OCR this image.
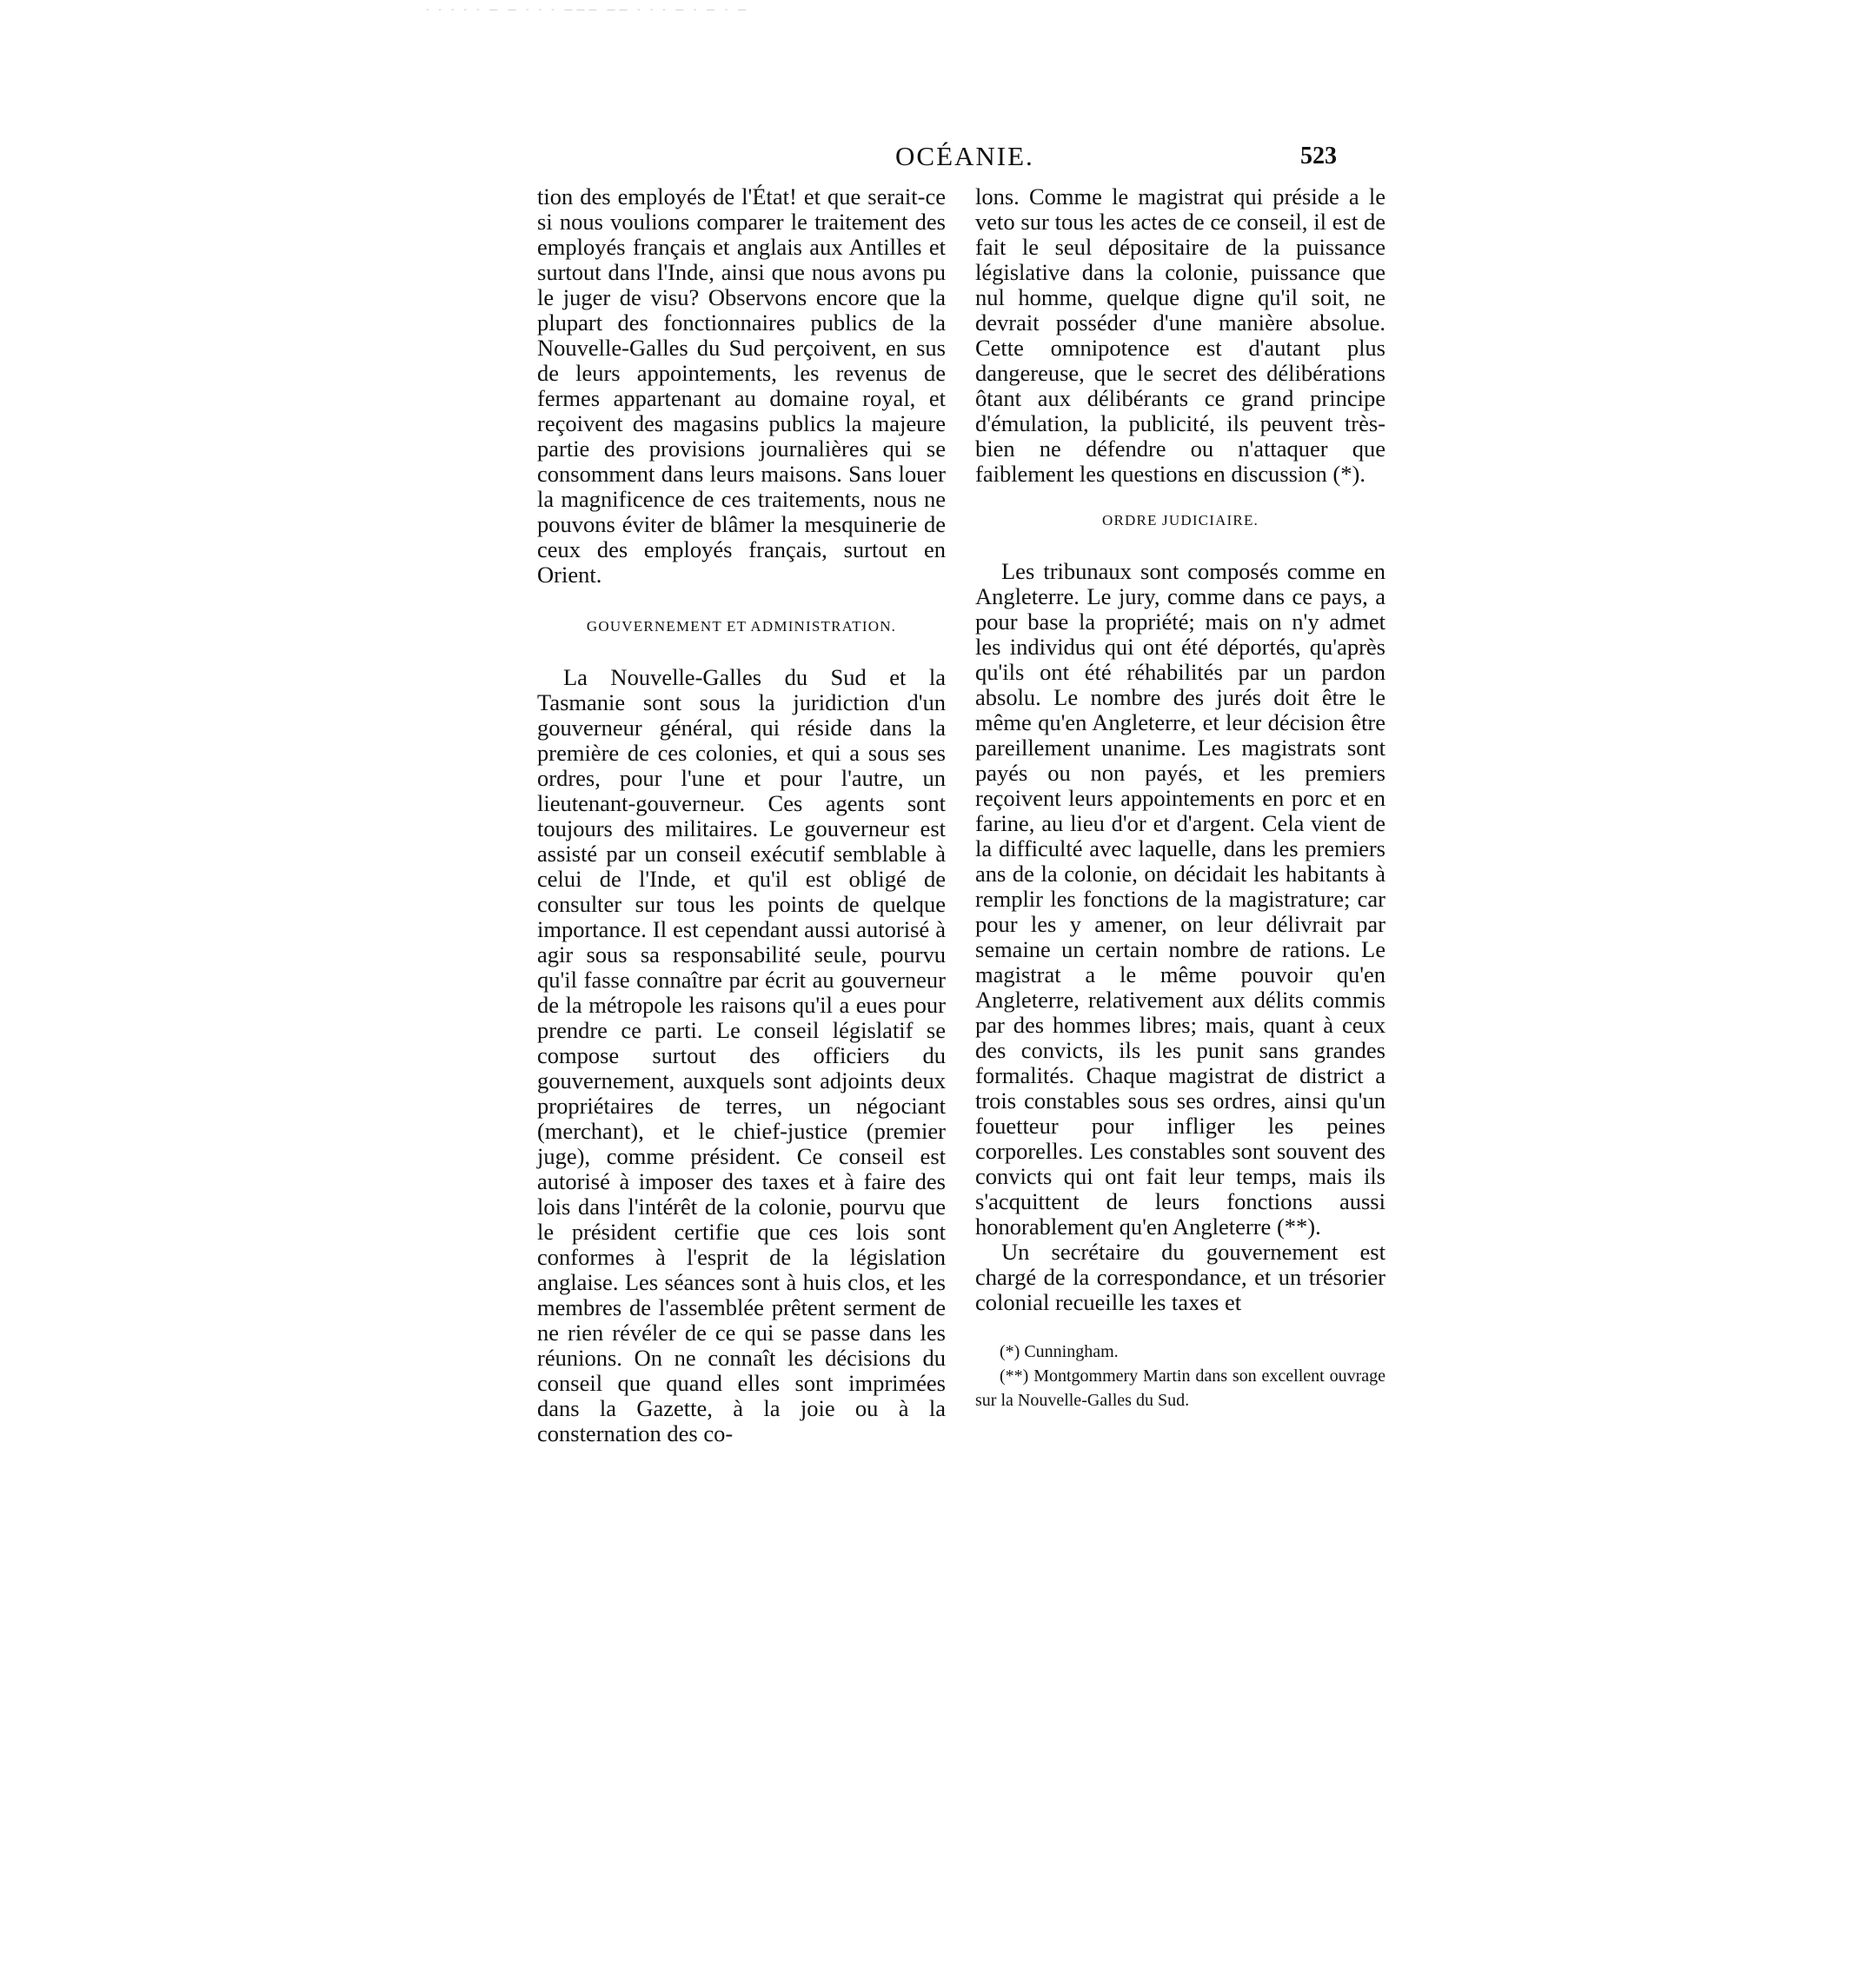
- - - - - — — - - - ——— —— - - - — - — - —
OCÉANIE.	523

tion des employés de l'État! et que serait-ce si nous voulions comparer le traitement des employés français et anglais aux Antilles et surtout dans l'Inde, ainsi que nous avons pu le juger de visu? Observons encore que la plupart des fonctionnaires publics de la Nouvelle-Galles du Sud perçoivent, en sus de leurs appointements, les revenus de fermes appartenant au domaine royal, et reçoivent des magasins publics la majeure partie des provisions journalières qui se consomment dans leurs maisons. Sans louer la magnificence de ces traitements, nous ne pouvons éviter de blâmer la mesquinerie de ceux des employés français, surtout en Orient.

GOUVERNEMENT ET ADMINISTRATION.

La Nouvelle-Galles du Sud et la Tasmanie sont sous la juridiction d'un gouverneur général, qui réside dans la première de ces colonies, et qui a sous ses ordres, pour l'une et pour l'autre, un lieutenant-gouverneur. Ces agents sont toujours des militaires. Le gouverneur est assisté par un conseil exécutif semblable à celui de l'Inde, et qu'il est obligé de consulter sur tous les points de quelque importance. Il est cependant aussi autorisé à agir sous sa responsabilité seule, pourvu qu'il fasse connaître par écrit au gouverneur de la métropole les raisons qu'il a eues pour prendre ce parti. Le conseil législatif se compose surtout des officiers du gouvernement, auxquels sont adjoints deux propriétaires de terres, un négociant (merchant), et le chief-justice (premier juge), comme président. Ce conseil est autorisé à imposer des taxes et à faire des lois dans l'intérêt de la colonie, pourvu que le président certifie que ces lois sont conformes à l'esprit de la législation anglaise. Les séances sont à huis clos, et les membres de l'assemblée prêtent serment de ne rien révéler de ce qui se passe dans les réunions. On ne connaît les décisions du conseil que quand elles sont imprimées dans la Gazette, à la joie ou à la consternation des co-

lons. Comme le magistrat qui préside a le veto sur tous les actes de ce conseil, il est de fait le seul dépositaire de la puissance législative dans la colonie, puissance que nul homme, quelque digne qu'il soit, ne devrait posséder d'une manière absolue. Cette omnipotence est d'autant plus dangereuse, que le secret des délibérations ôtant aux délibérants ce grand principe d'émulation, la publicité, ils peuvent très-bien ne défendre ou n'attaquer que faiblement les questions en discussion (*).

ORDRE JUDICIAIRE.

Les tribunaux sont composés comme en Angleterre. Le jury, comme dans ce pays, a pour base la propriété; mais on n'y admet les individus qui ont été déportés, qu'après qu'ils ont été réhabilités par un pardon absolu. Le nombre des jurés doit être le même qu'en Angleterre, et leur décision être pareillement unanime. Les magistrats sont payés ou non payés, et les premiers reçoivent leurs appointements en porc et en farine, au lieu d'or et d'argent. Cela vient de la difficulté avec laquelle, dans les premiers ans de la colonie, on décidait les habitants à remplir les fonctions de la magistrature; car pour les y amener, on leur délivrait par semaine un certain nombre de rations. Le magistrat a le même pouvoir qu'en Angleterre, relativement aux délits commis par des hommes libres; mais, quant à ceux des convicts, ils les punit sans grandes formalités. Chaque magistrat de district a trois constables sous ses ordres, ainsi qu'un fouetteur pour infliger les peines corporelles. Les constables sont souvent des convicts qui ont fait leur temps, mais ils s'acquittent de leurs fonctions aussi honorablement qu'en Angleterre (**).

Un secrétaire du gouvernement est chargé de la correspondance, et un trésorier colonial recueille les taxes et

(*) Cunningham.

(**) Montgommery Martin dans son excellent ouvrage sur la Nouvelle-Galles du Sud.
